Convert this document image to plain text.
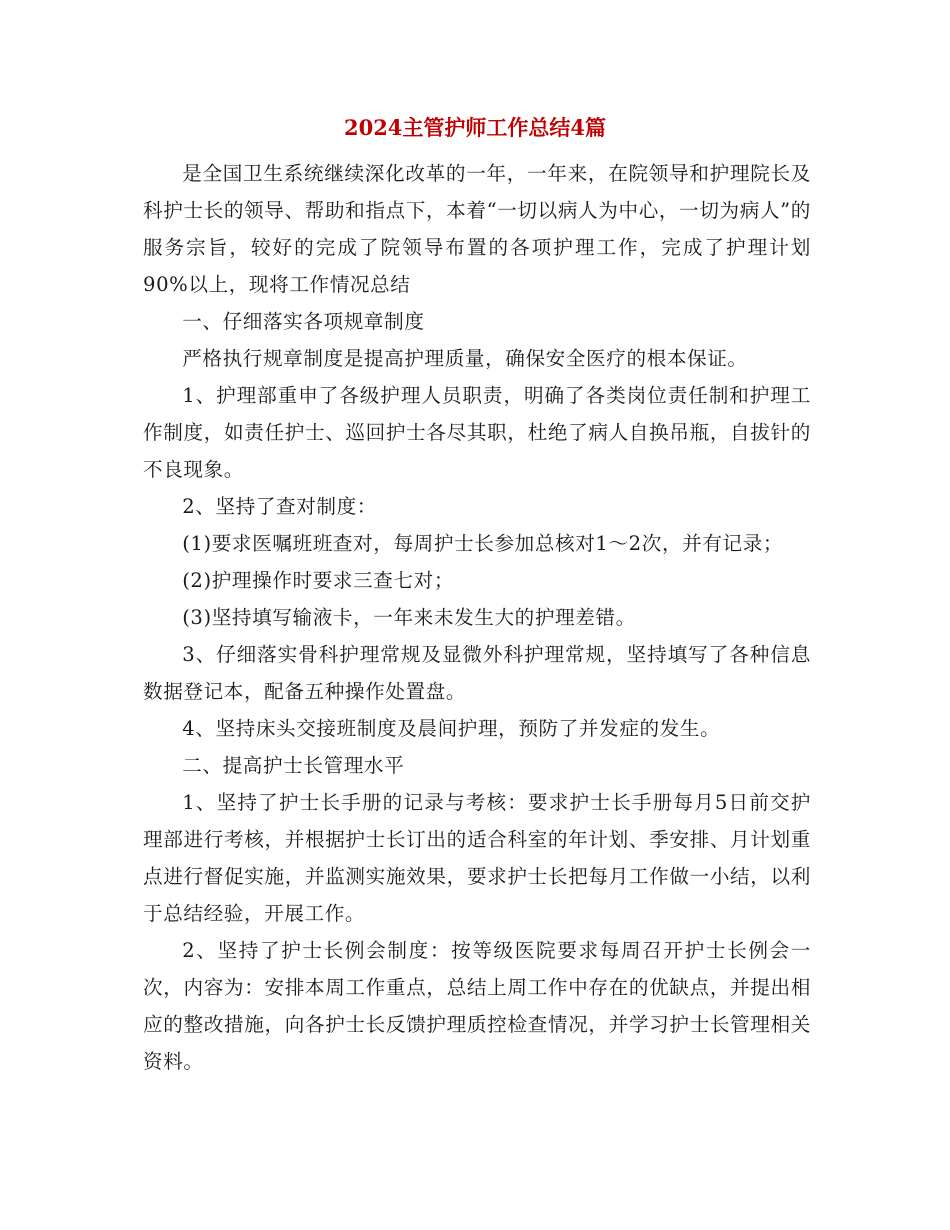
2024主管护师工作总结4篇

是全国卫生系统继续深化改革的一年，一年来，在院领导和护理院长及科护士长的领导、帮助和指点下，本着“一切以病人为中心，一切为病人”的服务宗旨，较好的完成了院领导布置的各项护理工作，完成了护理计划90%以上，现将工作情况总结

一、仔细落实各项规章制度

严格执行规章制度是提高护理质量，确保安全医疗的根本保证。

1、护理部重申了各级护理人员职责，明确了各类岗位责任制和护理工作制度，如责任护士、巡回护士各尽其职，杜绝了病人自换吊瓶，自拔针的不良现象。

2、坚持了查对制度：

(1)要求医嘱班班查对，每周护士长参加总核对1～2次，并有记录；

(2)护理操作时要求三查七对；

(3)坚持填写输液卡，一年来未发生大的护理差错。

3、仔细落实骨科护理常规及显微外科护理常规，坚持填写了各种信息数据登记本，配备五种操作处置盘。

4、坚持床头交接班制度及晨间护理，预防了并发症的发生。

二、提高护士长管理水平

1、坚持了护士长手册的记录与考核：要求护士长手册每月5日前交护理部进行考核，并根据护士长订出的适合科室的年计划、季安排、月计划重点进行督促实施，并监测实施效果，要求护士长把每月工作做一小结，以利于总结经验，开展工作。

2、坚持了护士长例会制度：按等级医院要求每周召开护士长例会一次，内容为：安排本周工作重点，总结上周工作中存在的优缺点，并提出相应的整改措施，向各护士长反馈护理质控检查情况，并学习护士长管理相关资料。
